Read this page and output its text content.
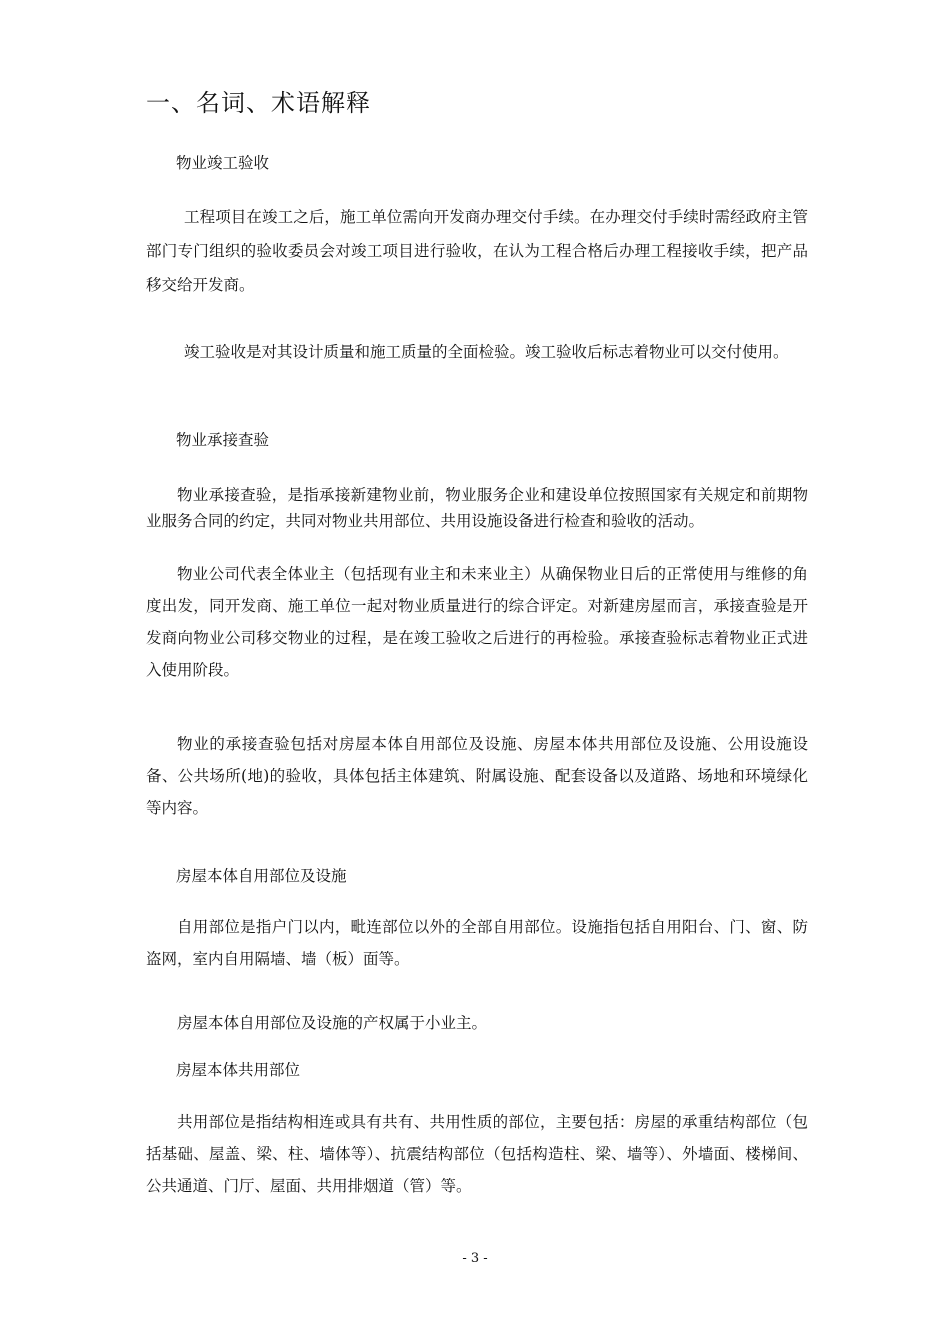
一、名词、术语解释
物业竣工验收
工程项目在竣工之后，施工单位需向开发商办理交付手续。在办理交付手续时需经政府主管部门专门组织的验收委员会对竣工项目进行验收，在认为工程合格后办理工程接收手续，把产品移交给开发商。
竣工验收是对其设计质量和施工质量的全面检验。竣工验收后标志着物业可以交付使用。
物业承接查验
物业承接查验，是指承接新建物业前，物业服务企业和建设单位按照国家有关规定和前期物业服务合同的约定，共同对物业共用部位、共用设施设备进行检查和验收的活动。
物业公司代表全体业主（包括现有业主和未来业主）从确保物业日后的正常使用与维修的角度出发，同开发商、施工单位一起对物业质量进行的综合评定。对新建房屋而言，承接查验是开发商向物业公司移交物业的过程，是在竣工验收之后进行的再检验。承接查验标志着物业正式进入使用阶段。
物业的承接查验包括对房屋本体自用部位及设施、房屋本体共用部位及设施、公用设施设备、公共场所(地)的验收，具体包括主体建筑、附属设施、配套设备以及道路、场地和环境绿化等内容。
房屋本体自用部位及设施
自用部位是指户门以内，毗连部位以外的全部自用部位。设施指包括自用阳台、门、窗、防盗网，室内自用隔墙、墙（板）面等。
房屋本体自用部位及设施的产权属于小业主。
房屋本体共用部位
共用部位是指结构相连或具有共有、共用性质的部位，主要包括：房屋的承重结构部位（包括基础、屋盖、梁、柱、墙体等）、抗震结构部位（包括构造柱、梁、墙等）、外墙面、楼梯间、公共通道、门厅、屋面、共用排烟道（管）等。
- 3 -
